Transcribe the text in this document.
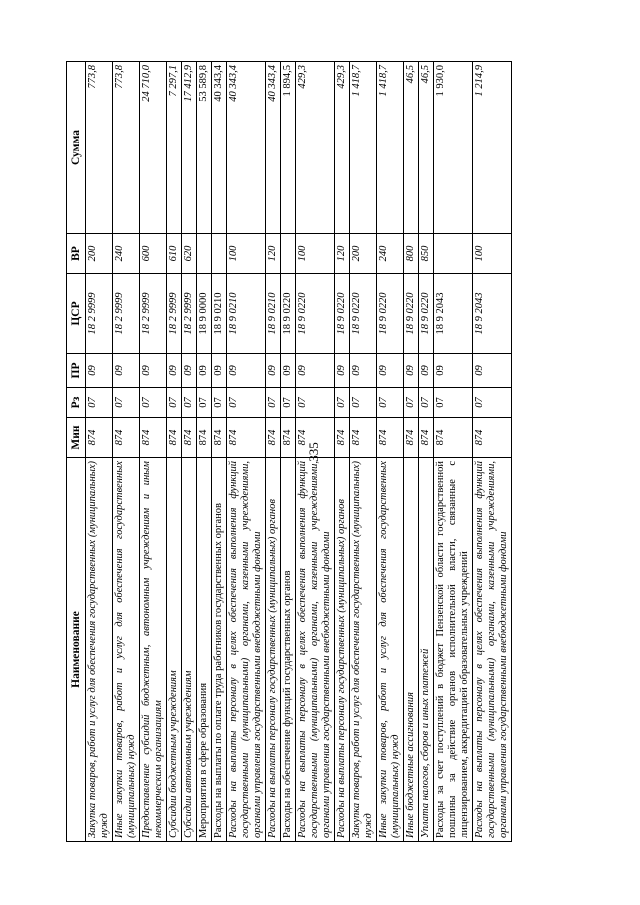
335
Наименование	Мин	Рз	ПР	ЦСР	ВР	Сумма
Закупка товаров, работ и услуг для обеспечения государственных (муниципальных) нужд	874	07	09	18 2 9999	200	773,8
Иные закупки товаров, работ и услуг для обеспечения государственных (муниципальных) нужд	874	07	09	18 2 9999	240	773,8
Предоставление субсидий бюджетным, автономным учреждениям и иным некоммерческим организациям	874	07	09	18 2 9999	600	24 710,0
Субсидии бюджетным учреждениям	874	07	09	18 2 9999	610	7 297,1
Субсидии автономным учреждениям	874	07	09	18 2 9999	620	17 412,9
Мероприятия в сфере образования	874	07	09	18 9 0000		53 589,8
Расходы на выплаты по оплате труда работников государственных органов	874	07	09	18 9 0210		40 343,4
Расходы на выплаты персоналу в целях обеспечения выполнения функций государственными (муниципальными) органами, казенными учреждениями, органами управления государственными внебюджетными фондами	874	07	09	18 9 0210	100	40 343,4
Расходы на выплаты персоналу государственных (муниципальных) органов	874	07	09	18 9 0210	120	40 343,4
Расходы на обеспечение функций государственных органов	874	07	09	18 9 0220		1 894,5
Расходы на выплаты персоналу в целях обеспечения выполнения функций государственными (муниципальными) органами, казенными учреждениями, органами управления государственными внебюджетными фондами	874	07	09	18 9 0220	100	429,3
Расходы на выплаты персоналу государственных (муниципальных) органов	874	07	09	18 9 0220	120	429,3
Закупка товаров, работ и услуг для обеспечения государственных (муниципальных) нужд	874	07	09	18 9 0220	200	1 418,7
Иные закупки товаров, работ и услуг для обеспечения государственных (муниципальных) нужд	874	07	09	18 9 0220	240	1 418,7
Иные бюджетные ассигнования	874	07	09	18 9 0220	800	46,5
Уплата налогов, сборов и иных платежей	874	07	09	18 9 0220	850	46,5
Расходы за счет поступлений в бюджет Пензенской области государственной пошлины за действие органов исполнительной власти, связанные с лицензированием, аккредитацией образовательных учреждений	874	07	09	18 9 2043		1 930,0
Расходы на выплаты персоналу в целях обеспечения выполнения функций государственными (муниципальными) органами, казенными учреждениями, органами управления государственными внебюджетными фондами	874	07	09	18 9 2043	100	1 214,9
